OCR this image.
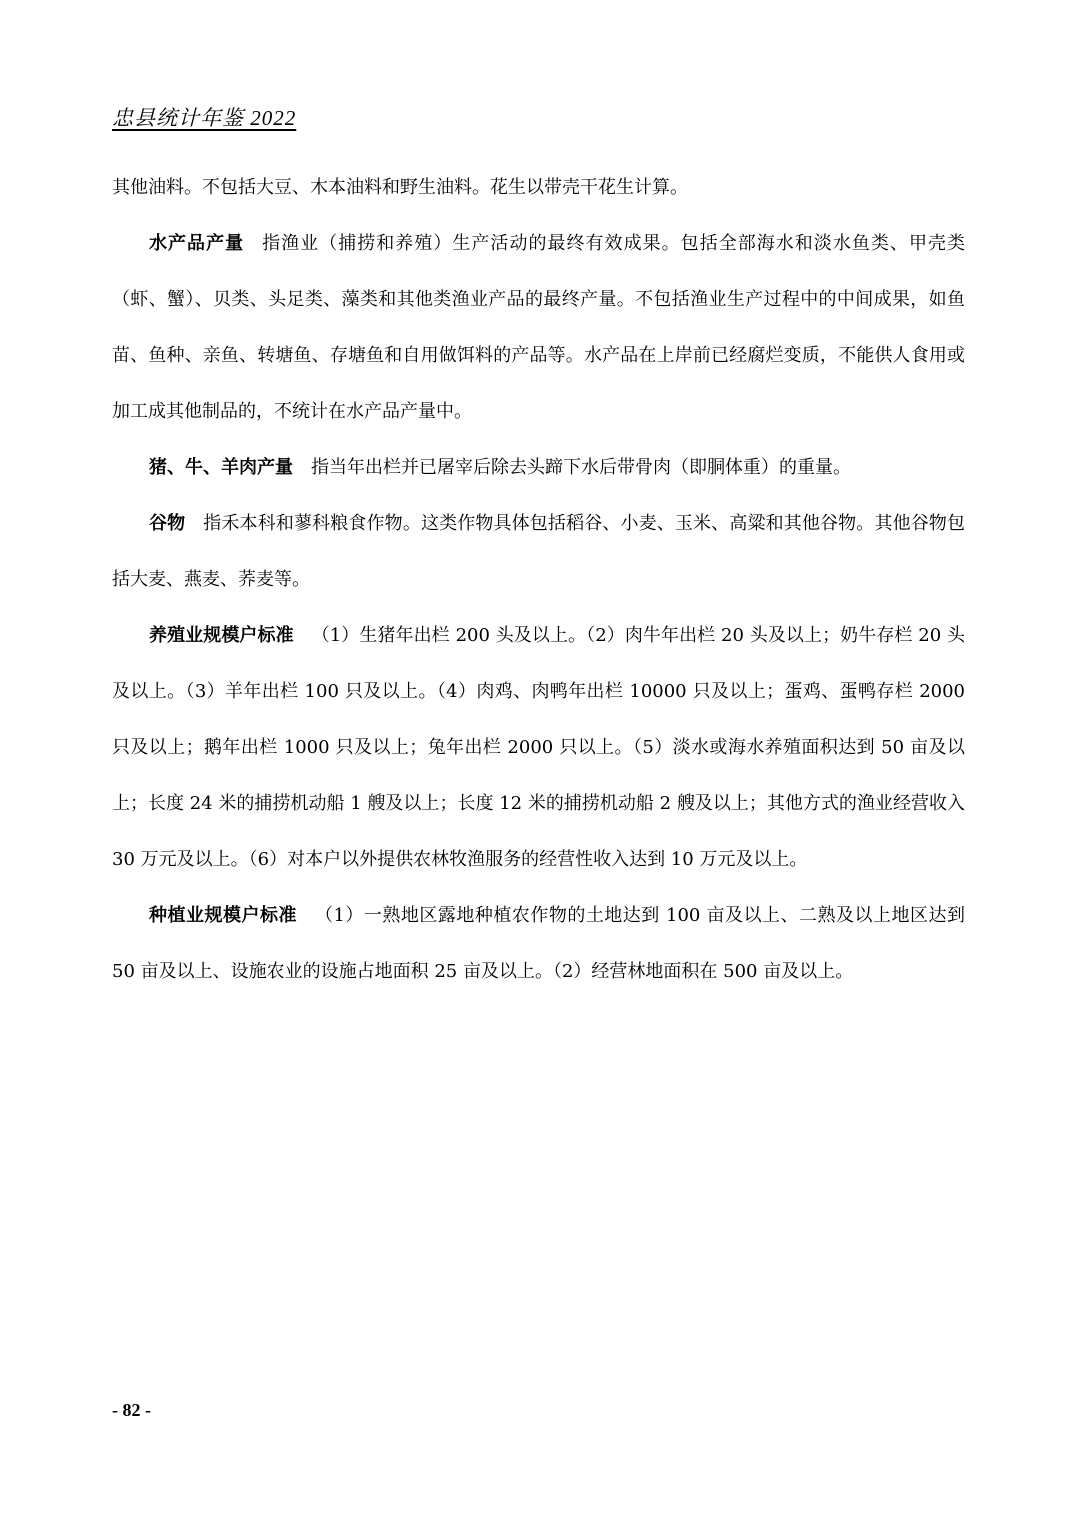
忠县统计年鉴 2022

其他油料。不包括大豆、木本油料和野生油料。花生以带壳干花生计算。

水产品产量 指渔业（捕捞和养殖）生产活动的最终有效成果。包括全部海水和淡水鱼类、甲壳类（虾、蟹）、贝类、头足类、藻类和其他类渔业产品的最终产量。不包括渔业生产过程中的中间成果，如鱼苗、鱼种、亲鱼、转塘鱼、存塘鱼和自用做饵料的产品等。水产品在上岸前已经腐烂变质，不能供人食用或加工成其他制品的，不统计在水产品产量中。

猪、牛、羊肉产量 指当年出栏并已屠宰后除去头蹄下水后带骨肉（即胴体重）的重量。

谷物 指禾本科和蓼科粮食作物。这类作物具体包括稻谷、小麦、玉米、高粱和其他谷物。其他谷物包括大麦、燕麦、荞麦等。

养殖业规模户标准 （1）生猪年出栏 200 头及以上。（2）肉牛年出栏 20 头及以上；奶牛存栏 20 头及以上。（3）羊年出栏 100 只及以上。（4）肉鸡、肉鸭年出栏 10000 只及以上；蛋鸡、蛋鸭存栏 2000 只及以上；鹅年出栏 1000 只及以上；兔年出栏 2000 只以上。（5）淡水或海水养殖面积达到 50 亩及以上；长度 24 米的捕捞机动船 1 艘及以上；长度 12 米的捕捞机动船 2 艘及以上；其他方式的渔业经营收入 30 万元及以上。（6）对本户以外提供农林牧渔服务的经营性收入达到 10 万元及以上。

种植业规模户标准 （1）一熟地区露地种植农作物的土地达到 100 亩及以上、二熟及以上地区达到 50 亩及以上、设施农业的设施占地面积 25 亩及以上。（2）经营林地面积在 500 亩及以上。

- 82 -
